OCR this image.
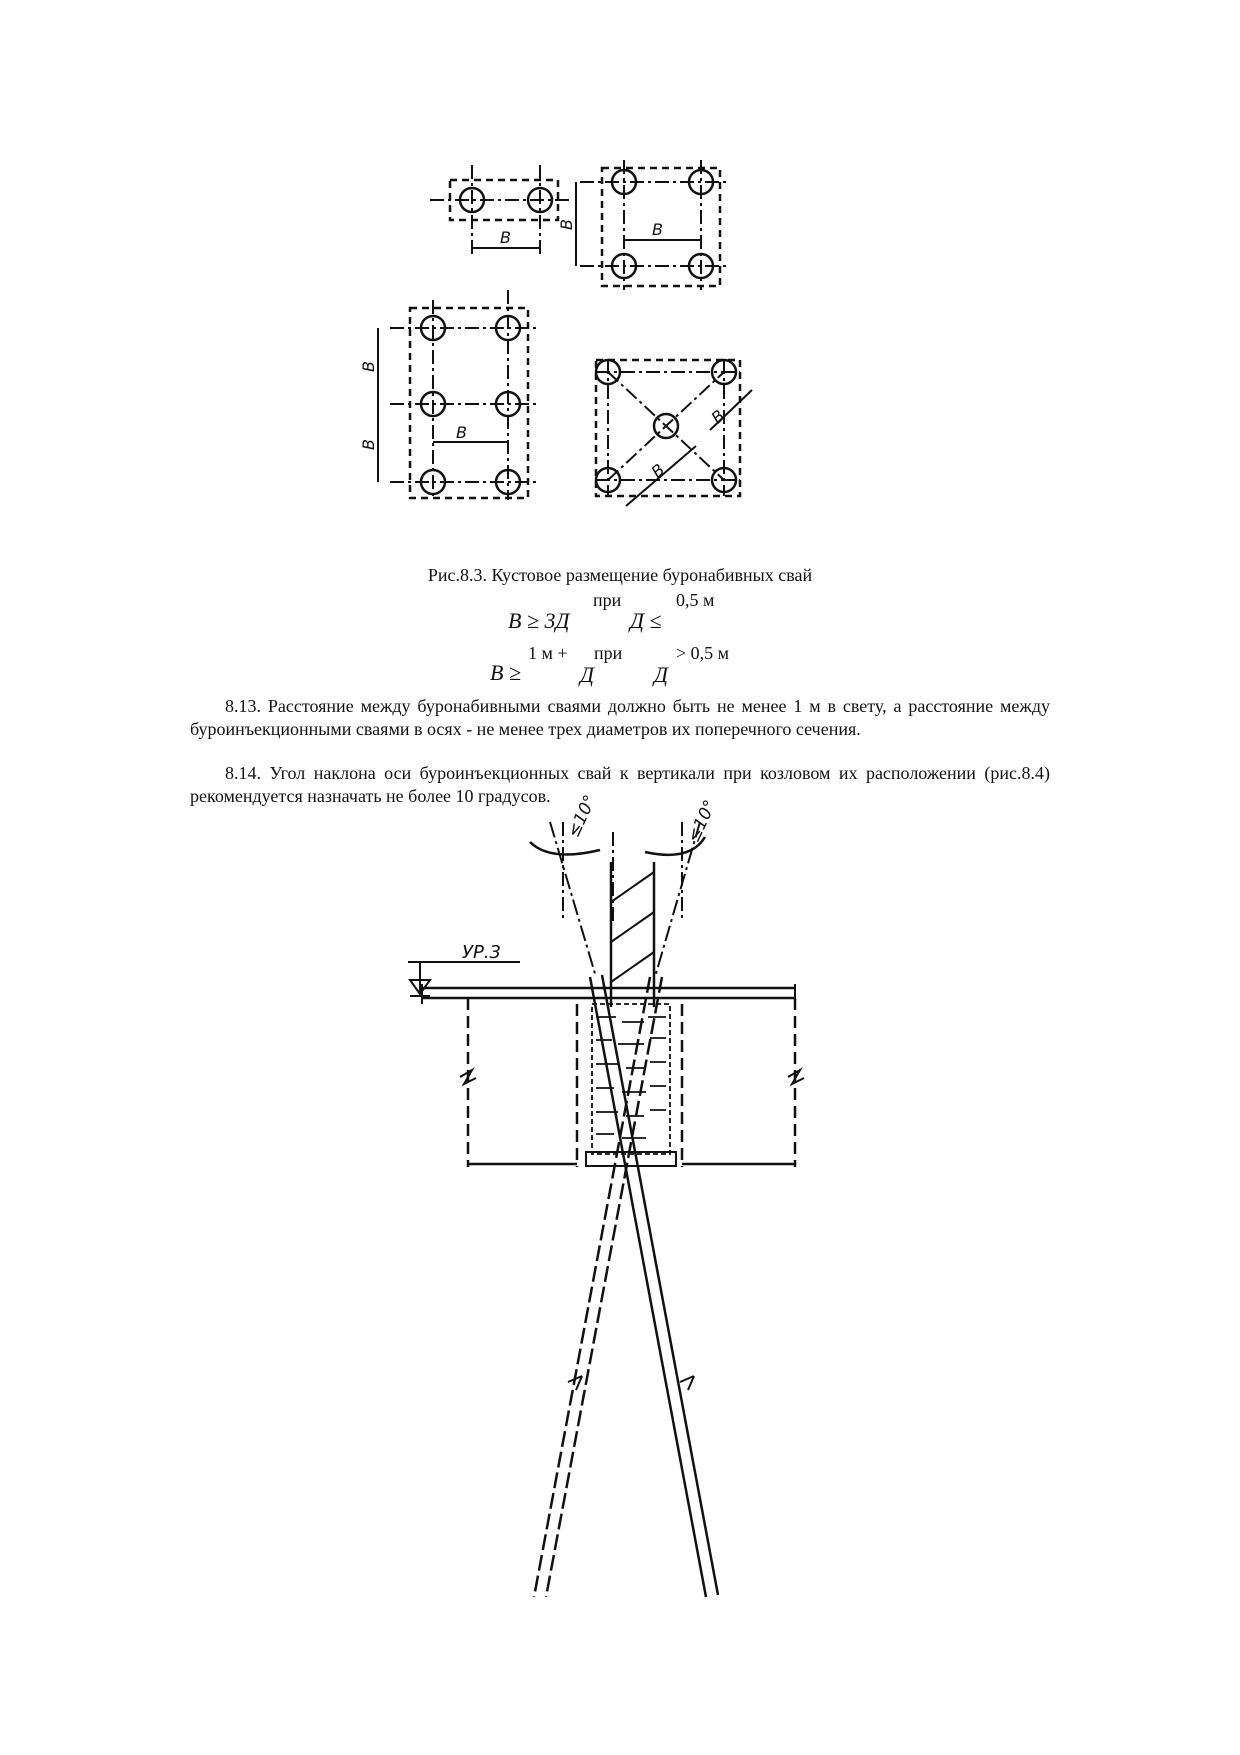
В	В
В
В
В
В
В
В
Рис.8.3. Кустовое размещение буронабивных свай
при	0,5 м
В ≥ 3Д	Д ≤
1 м + при	> 0,5 м
В ≥	Д	Д

8.13. Расстояние между буронабивными сваями должно быть не менее 1 м в свету, а расстояние между буроинъекционными сваями в осях - не менее трех диаметров их поперечного сечения.

8.14. Угол наклона оси буроинъекционных свай к вертикали при козловом их расположении (рис.8.4) рекомендуется назначать не более 10 градусов. ≤10°	≤10°
УР.3
